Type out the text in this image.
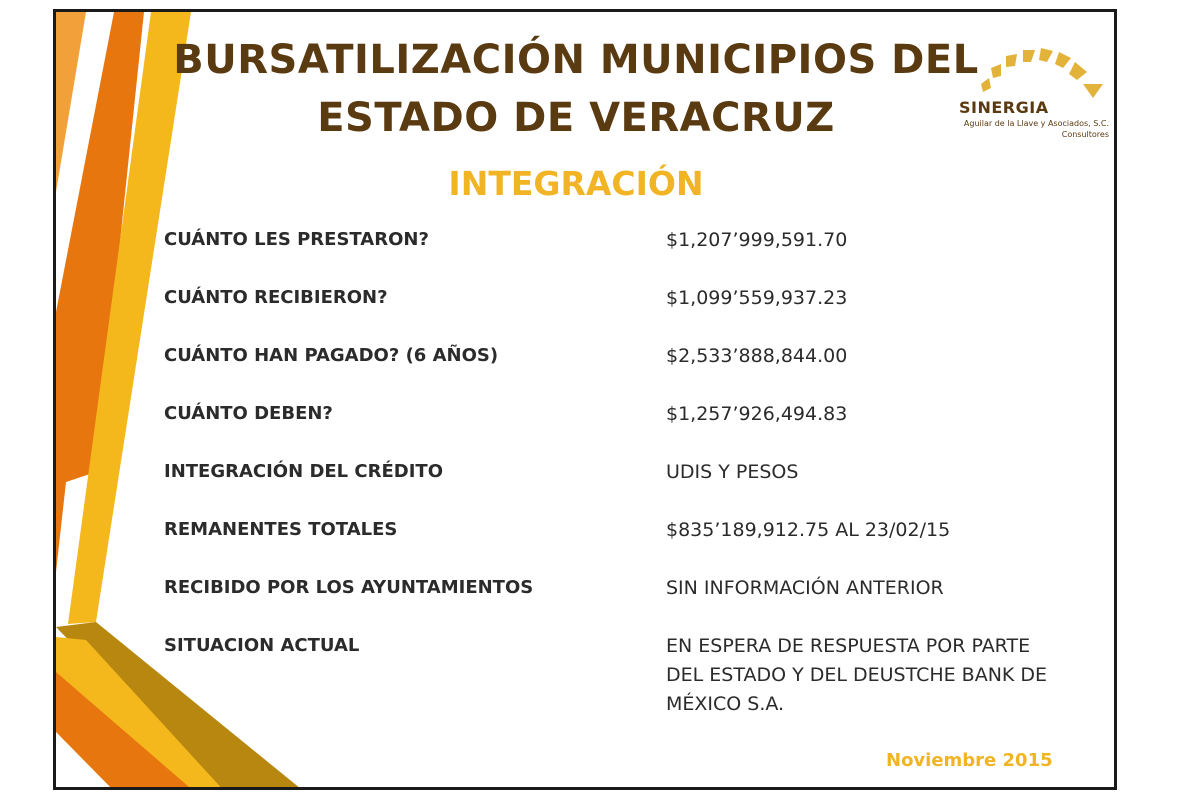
BURSATILIZACIÓN MUNICIPIOS DEL
ESTADO DE VERACRUZ	SINERGIA
Aguilar de la Llave y Asociados, S.C.
Consultores
INTEGRACIÓN
CUÁNTO LES PRESTARON?	$1,207’999,591.70
CUÁNTO RECIBIERON?	$1,099’559,937.23
CUÁNTO HAN PAGADO? (6 AÑOS)	$2,533’888,844.00
CUÁNTO DEBEN?	$1,257’926,494.83
INTEGRACIÓN DEL CRÉDITO	UDIS Y PESOS
REMANENTES TOTALES	$835’189,912.75 AL 23/02/15
RECIBIDO POR LOS AYUNTAMIENTOS	SIN INFORMACIÓN ANTERIOR
SITUACION ACTUAL	EN ESPERA DE RESPUESTA POR PARTE DEL ESTADO Y DEL DEUSTCHE BANK DE MÉXICO S.A.
Noviembre 2015
